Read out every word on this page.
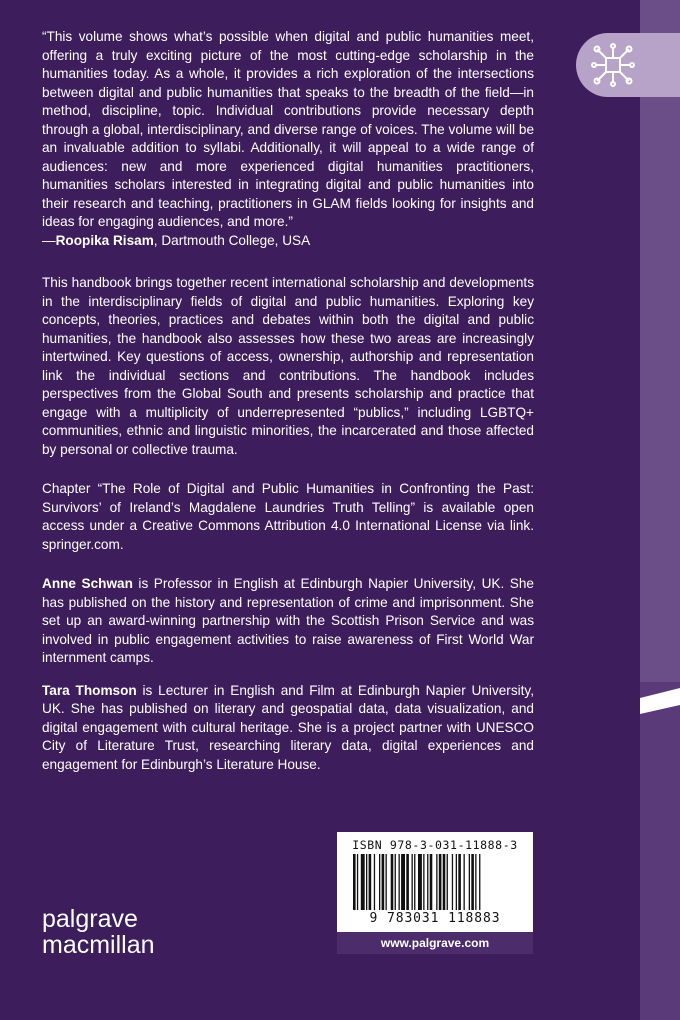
“This volume shows what’s possible when digital and public humanities meet, offering a truly exciting picture of the most cutting-edge scholarship in the humanities today. As a whole, it provides a rich exploration of the intersections between digital and public humanities that speaks to the breadth of the field—in method, discipline, topic. Individual contributions provide necessary depth through a global, interdisciplinary, and diverse range of voices. The volume will be an invaluable addition to syllabi. Additionally, it will appeal to a wide range of audiences: new and more experienced digital humanities practitioners, humanities scholars interested in integrating digital and public humanities into their research and teaching, practitioners in GLAM fields looking for insights and ideas for engaging audiences, and more.”

—Roopika Risam, Dartmouth College, USA

This handbook brings together recent international scholarship and developments in the interdisciplinary fields of digital and public humanities. Exploring key concepts, theories, practices and debates within both the digital and public humanities, the handbook also assesses how these two areas are increasingly intertwined. Key questions of access, ownership, authorship and representation link the individual sections and contributions. The handbook includes perspectives from the Global South and presents scholarship and practice that engage with a multiplicity of underrepresented “publics,” including LGBTQ+ communities, ethnic and linguistic minorities, the incarcerated and those affected by personal or collective trauma.

Chapter “The Role of Digital and Public Humanities in Confronting the Past: Survivors’ of Ireland’s Magdalene Laundries Truth Telling” is available open access under a Creative Commons Attribution 4.0 International License via link. springer.com.

Anne Schwan is Professor in English at Edinburgh Napier University, UK. She has published on the history and representation of crime and imprisonment. She set up an award-winning partnership with the Scottish Prison Service and was involved in public engagement activities to raise awareness of First World War internment camps.

Tara Thomson is Lecturer in English and Film at Edinburgh Napier University, UK. She has published on literary and geospatial data, data visualization, and digital engagement with cultural heritage. She is a project partner with UNESCO City of Literature Trust, researching literary data, digital experiences and engagement for Edinburgh’s Literature House.

ISBN 978-3-031-11888-3
9 783031 118883
www.palgrave.com
palgrave
macmillan
